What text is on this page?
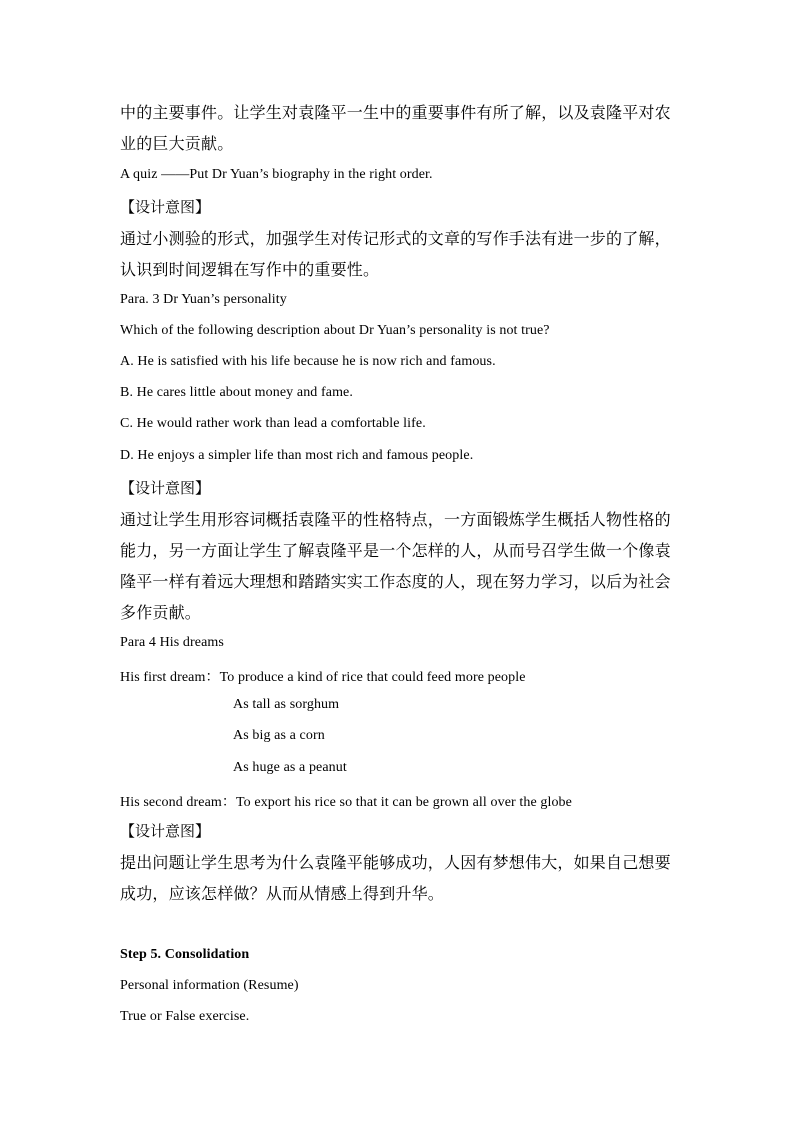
中的主要事件。让学生对袁隆平一生中的重要事件有所了解，以及袁隆平对农
业的巨大贡献。
A quiz ——Put Dr Yuan’s biography in the right order.
【设计意图】
通过小测验的形式，加强学生对传记形式的文章的写作手法有进一步的了解，
认识到时间逻辑在写作中的重要性。
Para. 3 Dr Yuan’s personality
Which of the following description about Dr Yuan’s personality is not true?
A. He is satisfied with his life because he is now rich and famous.
B. He cares little about money and fame.
C. He would rather work than lead a comfortable life.
D. He enjoys a simpler life than most rich and famous people.
【设计意图】
通过让学生用形容词概括袁隆平的性格特点，一方面锻炼学生概括人物性格的
能力，另一方面让学生了解袁隆平是一个怎样的人，从而号召学生做一个像袁
隆平一样有着远大理想和踏踏实实工作态度的人，现在努力学习，以后为社会
多作贡献。
Para 4 His dreams
His first dream：To produce a kind of rice that could feed more people
As tall as sorghum
As big as a corn
As huge as a peanut
His second dream：To export his rice so that it can be grown all over the globe
【设计意图】
提出问题让学生思考为什么袁隆平能够成功，人因有梦想伟大，如果自己想要
成功，应该怎样做？从而从情感上得到升华。
Step 5. Consolidation
Personal information (Resume)
True or False exercise.
